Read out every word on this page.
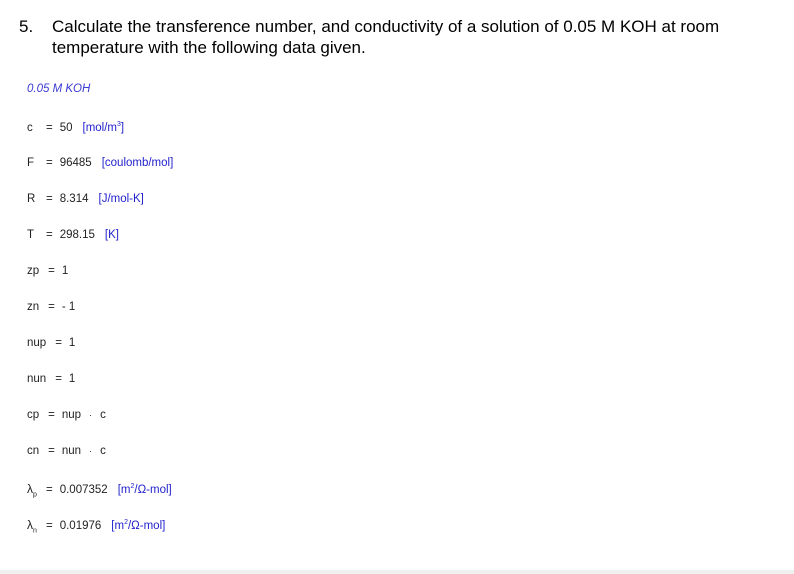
5. Calculate the transference number, and conductivity of a solution of 0.05 M KOH at room temperature with the following data given.
0.05 M KOH
c = 50 $[mol/m^3]$
F = 96485 [coulomb/mol]
R = 8.314 [J/mol-K]
T = 298.15 [K]
zp = 1
zn = - 1
nup = 1
nun = 1
cp = nup · c
cn = nun · c
$\lambda_p = 0.007352$ $[m^2/\Omega-mol]$
$\lambda_n = 0.01976$ $[m^2/\Omega-mol]$
